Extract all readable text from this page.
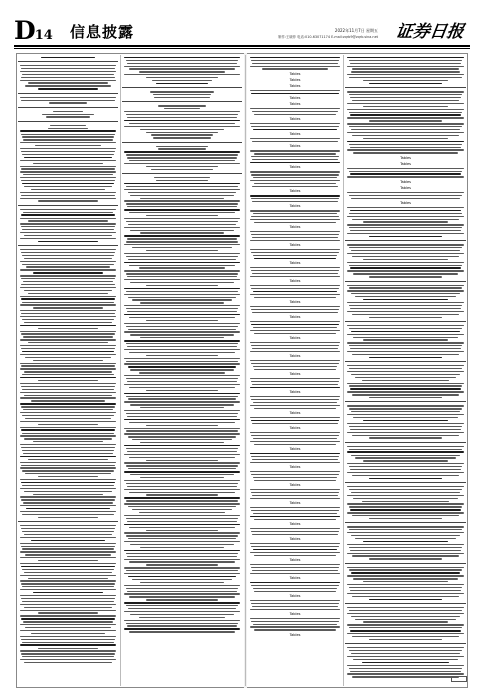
D14 信息披露	2022年11月7日 星期五
制作:王晓菲 电话:010-63071174 E-mail:zqrb9@zqrb.sina.net 证券日报
Tables
Tables
Tables
Tables
Tables
Tables
Tables
Tables
Tables
Tables
Tables
Tables
Tables
Tables
Tables
Tables
Tables
Tables
Tables
Tables
Tables
Tables
Tables
Tables
Tables
Tables
Tables
Tables
Tables
Tables
Tables
Tables
Tables
Tables
Tables
Tables
Tables
Tables
Tables
